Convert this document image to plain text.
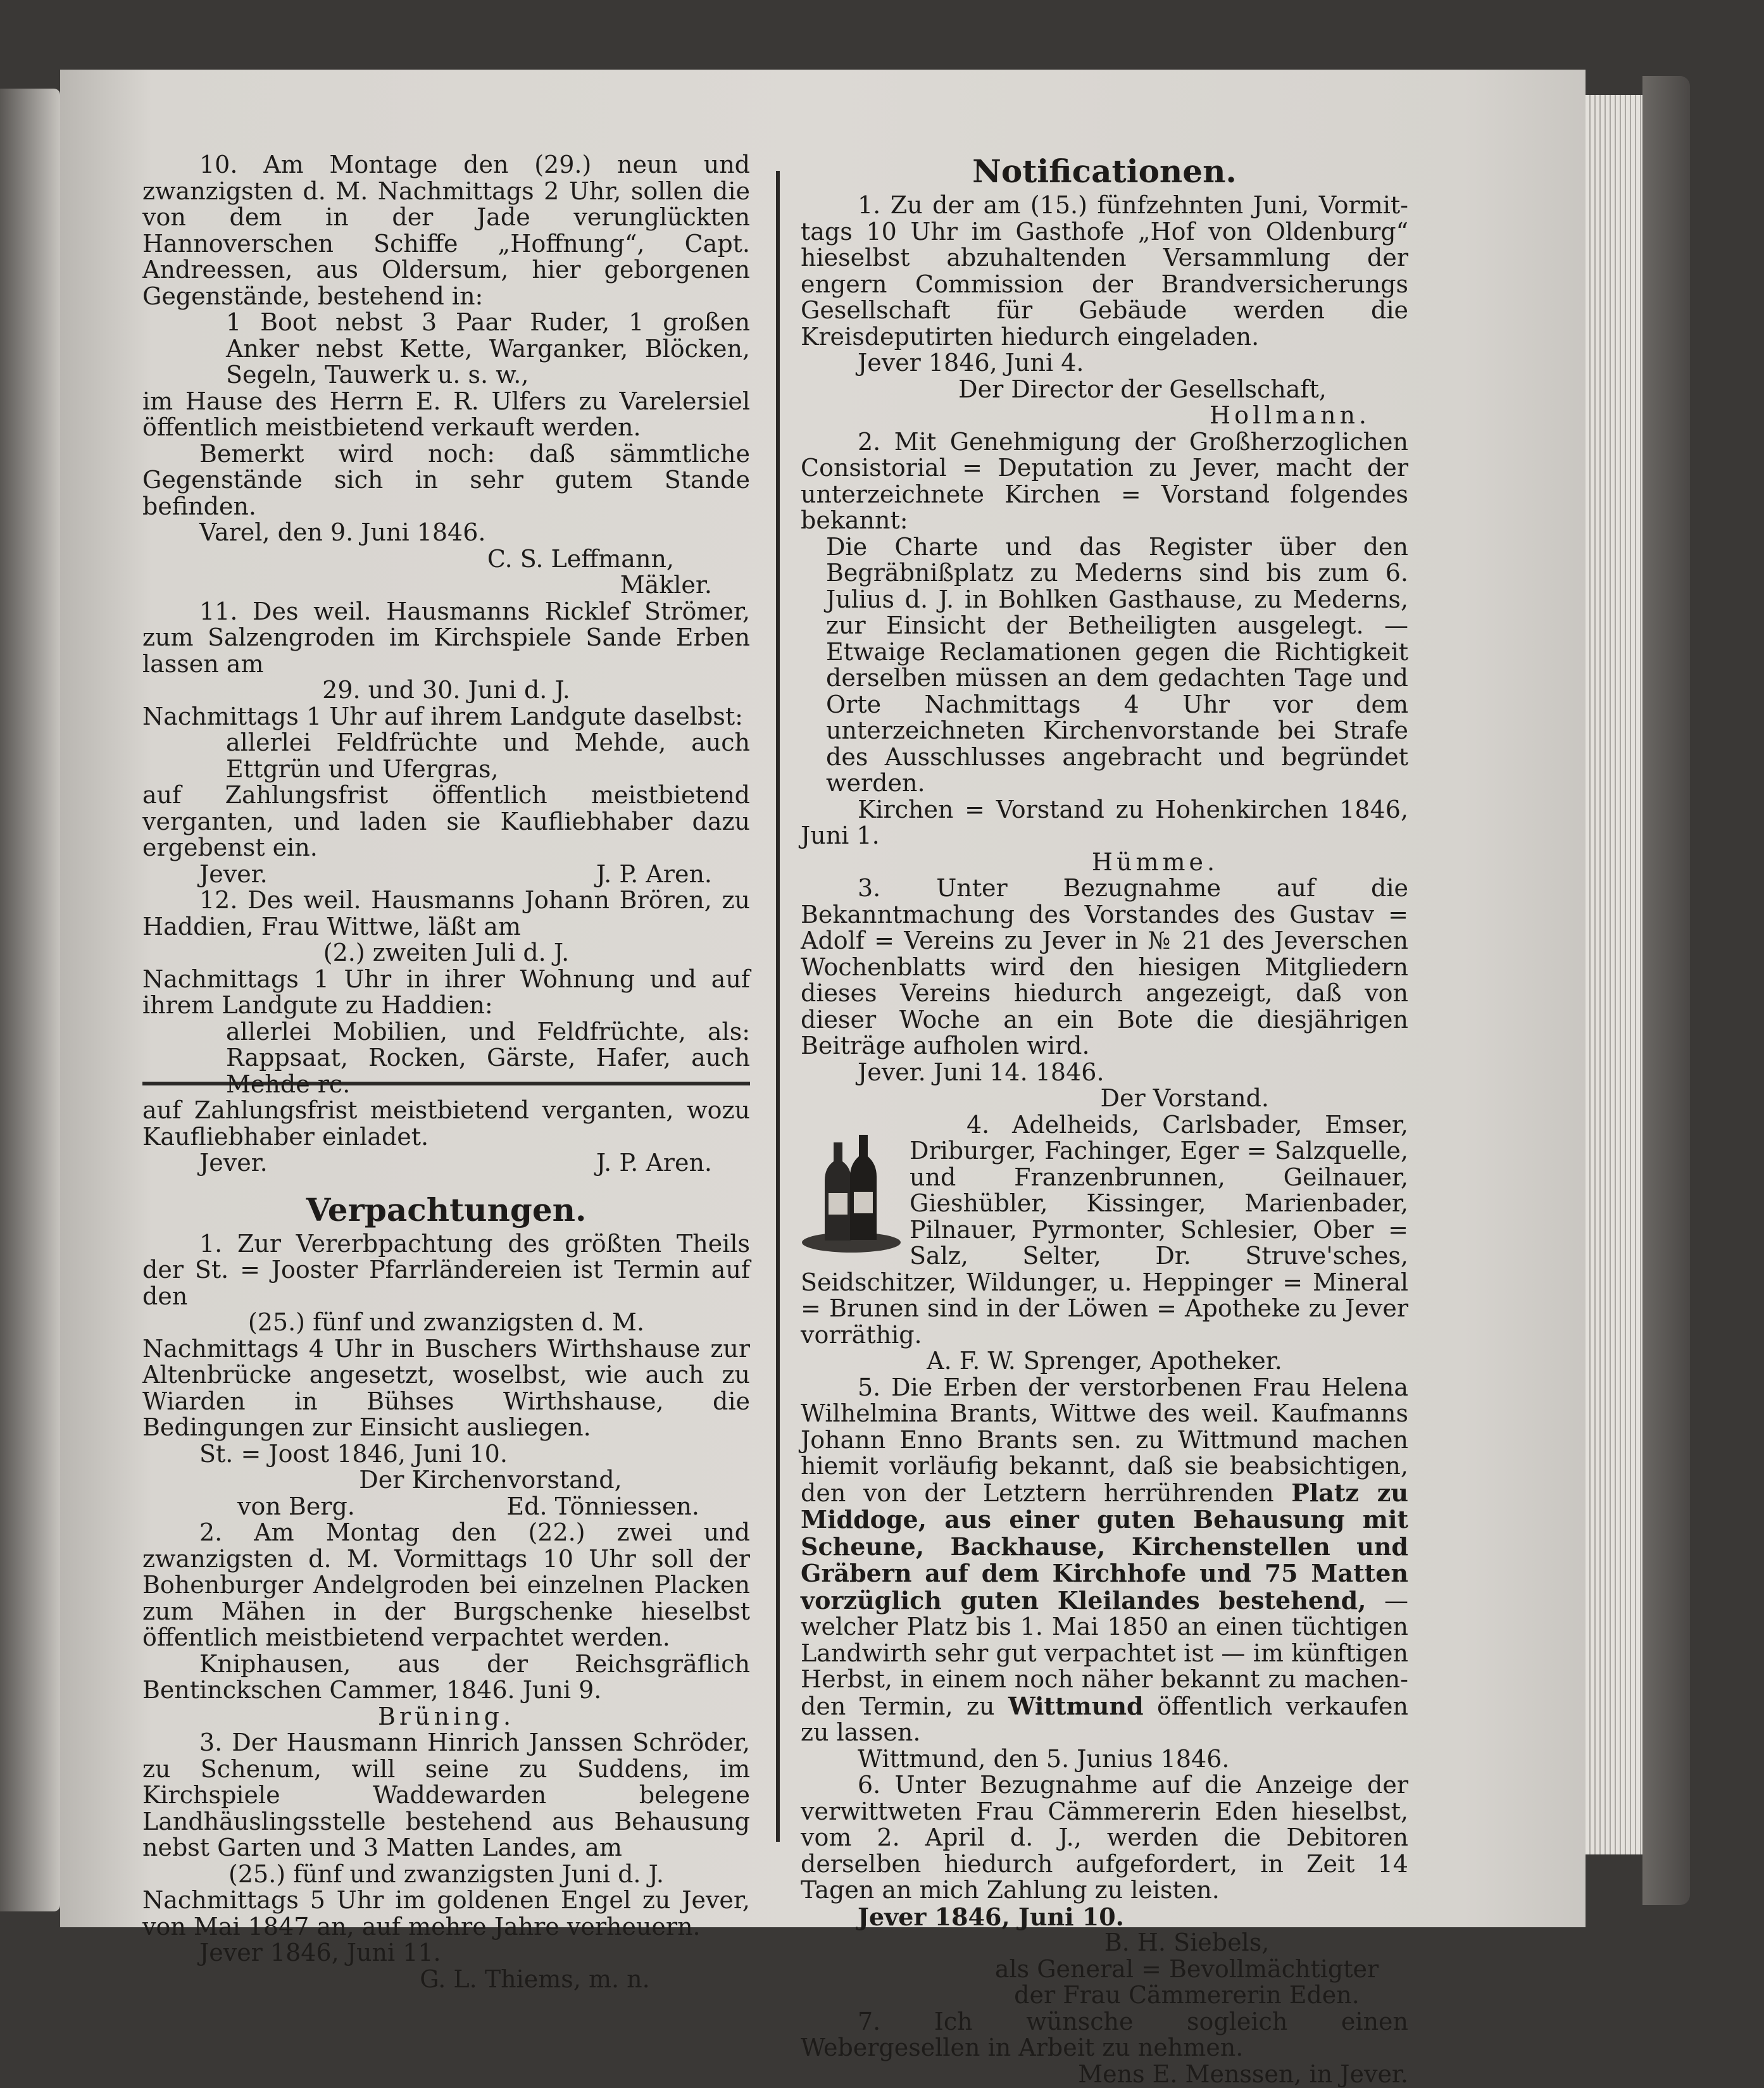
10. Am Montage den (29.) neun und zwanzigsten d. M. Nachmittags 2 Uhr, sollen die von dem in der Jade verunglückten Hannoverschen Schiffe „Hoffnung“, Capt. Andreessen, aus Oldersum, hier geborgenen Gegenstände, bestehend in:

1 Boot nebst 3 Paar Ruder, 1 großen Anker nebst Kette, Warganker, Blöcken, Segeln, Tauwerk u. s. w.,

im Hause des Herrn E. R. Ulfers zu Varelersiel öffentlich meistbietend verkauft werden.

Bemerkt wird noch: daß sämmtliche Gegenstände sich in sehr gutem Stande befinden.

Varel, den 9. Juni 1846.

C. S. Leffmann,

Mäkler.

11. Des weil. Hausmanns Ricklef Strömer, zum Salzengroden im Kirchspiele Sande Erben lassen am

29. und 30. Juni d. J.

Nachmittags 1 Uhr auf ihrem Landgute daselbst:

allerlei Feldfrüchte und Mehde, auch Ettgrün und Ufergras,

auf Zahlungsfrist öffentlich meistbietend verganten, und laden sie Kaufliebhaber dazu ergebenst ein.

Jever.	J. P. Aren.

12. Des weil. Hausmanns Johann Brören, zu Haddien, Frau Wittwe, läßt am

(2.) zweiten Juli d. J.

Nachmittags 1 Uhr in ihrer Wohnung und auf ihrem Landgute zu Haddien:

allerlei Mobilien, und Feldfrüchte, als: Rappsaat, Rocken, Gärste, Hafer, auch Mehde rc.

auf Zahlungsfrist meistbietend verganten, wozu Kaufliebhaber einladet.

Jever.	J. P. Aren.
Verpachtungen.

1. Zur Vererbpachtung des größten Theils der St. = Jooster Pfarrländereien ist Termin auf den

(25.) fünf und zwanzigsten d. M.

Nachmittags 4 Uhr in Buschers Wirthshause zur Altenbrücke angesetzt, woselbst, wie auch zu Wiarden in Bühses Wirthshause, die Bedingungen zur Einsicht ausliegen.

St. = Joost 1846, Juni 10.

Der Kirchenvorstand,

von Berg.	Ed. Tönniessen.

2. Am Montag den (22.) zwei und zwanzigsten d. M. Vormittags 10 Uhr soll der Bohenburger Andelgroden bei einzelnen Placken zum Mähen in der Burgschenke hieselbst öffentlich meistbietend verpachtet werden.

Kniphausen, aus der Reichsgräflich Bentinckschen Cammer, 1846. Juni 9.

Brüning.

3. Der Hausmann Hinrich Janssen Schröder, zu Schenum, will seine zu Suddens, im Kirchspiele Waddewarden belegene Landhäuslingsstelle bestehend aus Behausung nebst Garten und 3 Matten Landes, am

(25.) fünf und zwanzigsten Juni d. J.

Nachmittags 5 Uhr im goldenen Engel zu Jever, von Mai 1847 an, auf mehre Jahre verheuern.

Jever 1846, Juni 11.

G. L. Thiems, m. n.

Notificationen.

1. Zu der am (15.) fünfzehnten Juni, Vormittags 10 Uhr im Gasthofe „Hof von Oldenburg“ hieselbst abzuhaltenden Versammlung der engern Commission der Brandversicherungs Gesellschaft für Gebäude werden die Kreisdeputirten hiedurch eingeladen.

Jever 1846, Juni 4.

Der Director der Gesellschaft,

Hollmann.

2. Mit Genehmigung der Großherzoglichen Consistorial = Deputation zu Jever, macht der unterzeichnete Kirchen = Vorstand folgendes bekannt:

Die Charte und das Register über den Begräbnißplatz zu Mederns sind bis zum 6. Julius d. J. in Bohlken Gasthause, zu Mederns, zur Einsicht der Betheiligten ausgelegt. — Etwaige Reclamationen gegen die Richtigkeit derselben müssen an dem gedachten Tage und Orte Nachmittags 4 Uhr vor dem unterzeichneten Kirchenvorstande bei Strafe des Ausschlusses angebracht und begründet werden.

Kirchen = Vorstand zu Hohenkirchen 1846, Juni 1.

Hümme.

3. Unter Bezugnahme auf die Bekanntmachung des Vorstandes des Gustav = Adolf = Vereins zu Jever in № 21 des Jeverschen Wochenblatts wird den hiesigen Mitgliedern dieses Vereins hiedurch angezeigt, daß von dieser Woche an ein Bote die diesjährigen Beiträge aufholen wird.

Jever. Juni 14. 1846.

Der Vorstand.

4. Adelheids, Carlsbader, Emser, Driburger, Fachinger, Eger = Salzquelle, und Franzenbrunnen, Geilnauer, Gieshübler, Kissinger, Marienbader, Pilnauer, Pyrmonter, Schlesier, Ober = Salz, Selter, Dr. Struve'sches, Seidschitzer, Wildunger, u. Heppinger = Mineral = Brunen sind in der Löwen = Apotheke zu Jever vorräthig.

A. F. W. Sprenger, Apotheker.

5. Die Erben der verstorbenen Frau Helena Wilhelmina Brants, Wittwe des weil. Kaufmanns Johann Enno Brants sen. zu Wittmund machen hiemit vorläufig bekannt, daß sie beabsichtigen, den von der Letztern herrührenden Platz zu Middoge, aus einer guten Behausung mit Scheune, Backhause, Kirchenstellen und Gräbern auf dem Kirchhofe und 75 Matten vorzüglich guten Kleilandes bestehend, — welcher Platz bis 1. Mai 1850 an einen tüchtigen Landwirth sehr gut verpachtet ist — im künftigen Herbst, in einem noch näher bekannt zu machenden Termin, zu Wittmund öffentlich verkaufen zu lassen.

Wittmund, den 5. Junius 1846.

6. Unter Bezugnahme auf die Anzeige der verwittweten Frau Cämmererin Eden hieselbst, vom 2. April d. J., werden die Debitoren derselben hiedurch aufgefordert, in Zeit 14 Tagen an mich Zahlung zu leisten.

Jever 1846, Juni 10.

B. H. Siebels,

als General = Bevollmächtigter

der Frau Cämmererin Eden.

7. Ich wünsche sogleich einen Webergesellen in Arbeit zu nehmen.

Mens E. Menssen, in Jever.
